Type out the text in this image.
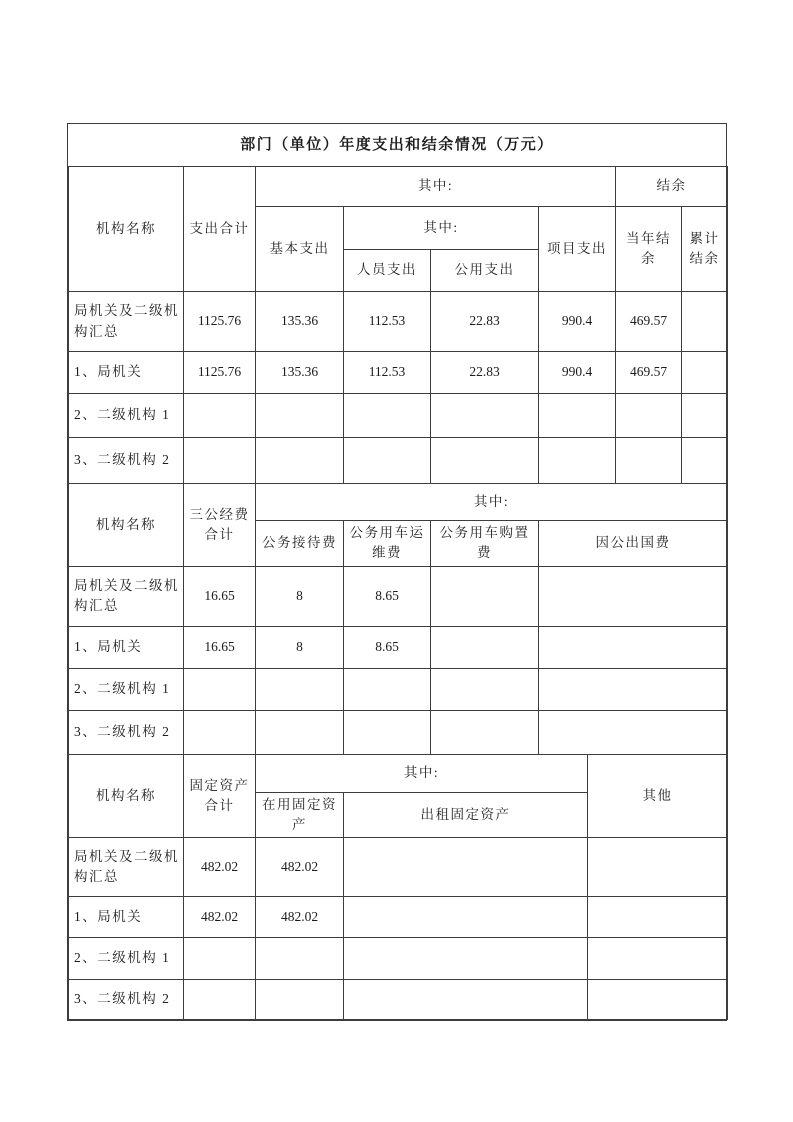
部门（单位）年度支出和结余情况（万元）
机构名称	支出合计	其中:				结余	
		基本支出	其中:		项目支出	当年结余	累计结余
			人员支出	公用支出			
局机关及二级机构汇总	1125.76	135.36	112.53	22.83	990.4	469.57	
1、局机关	1125.76	135.36	112.53	22.83	990.4	469.57	
2、二级机构 1							
3、二级机构 2							
机构名称	三公经费合计	其中:			
		公务接待费	公务用车运维费	公务用车购置费	因公出国费
局机关及二级机构汇总	16.65	8	8.65		
1、局机关	16.65	8	8.65		
2、二级机构 1					
3、二级机构 2					
机构名称	固定资产合计	其中:		其他
		在用固定资产	出租固定资产	
局机关及二级机构汇总	482.02	482.02		
1、局机关	482.02	482.02		
2、二级机构 1				
3、二级机构 2				
